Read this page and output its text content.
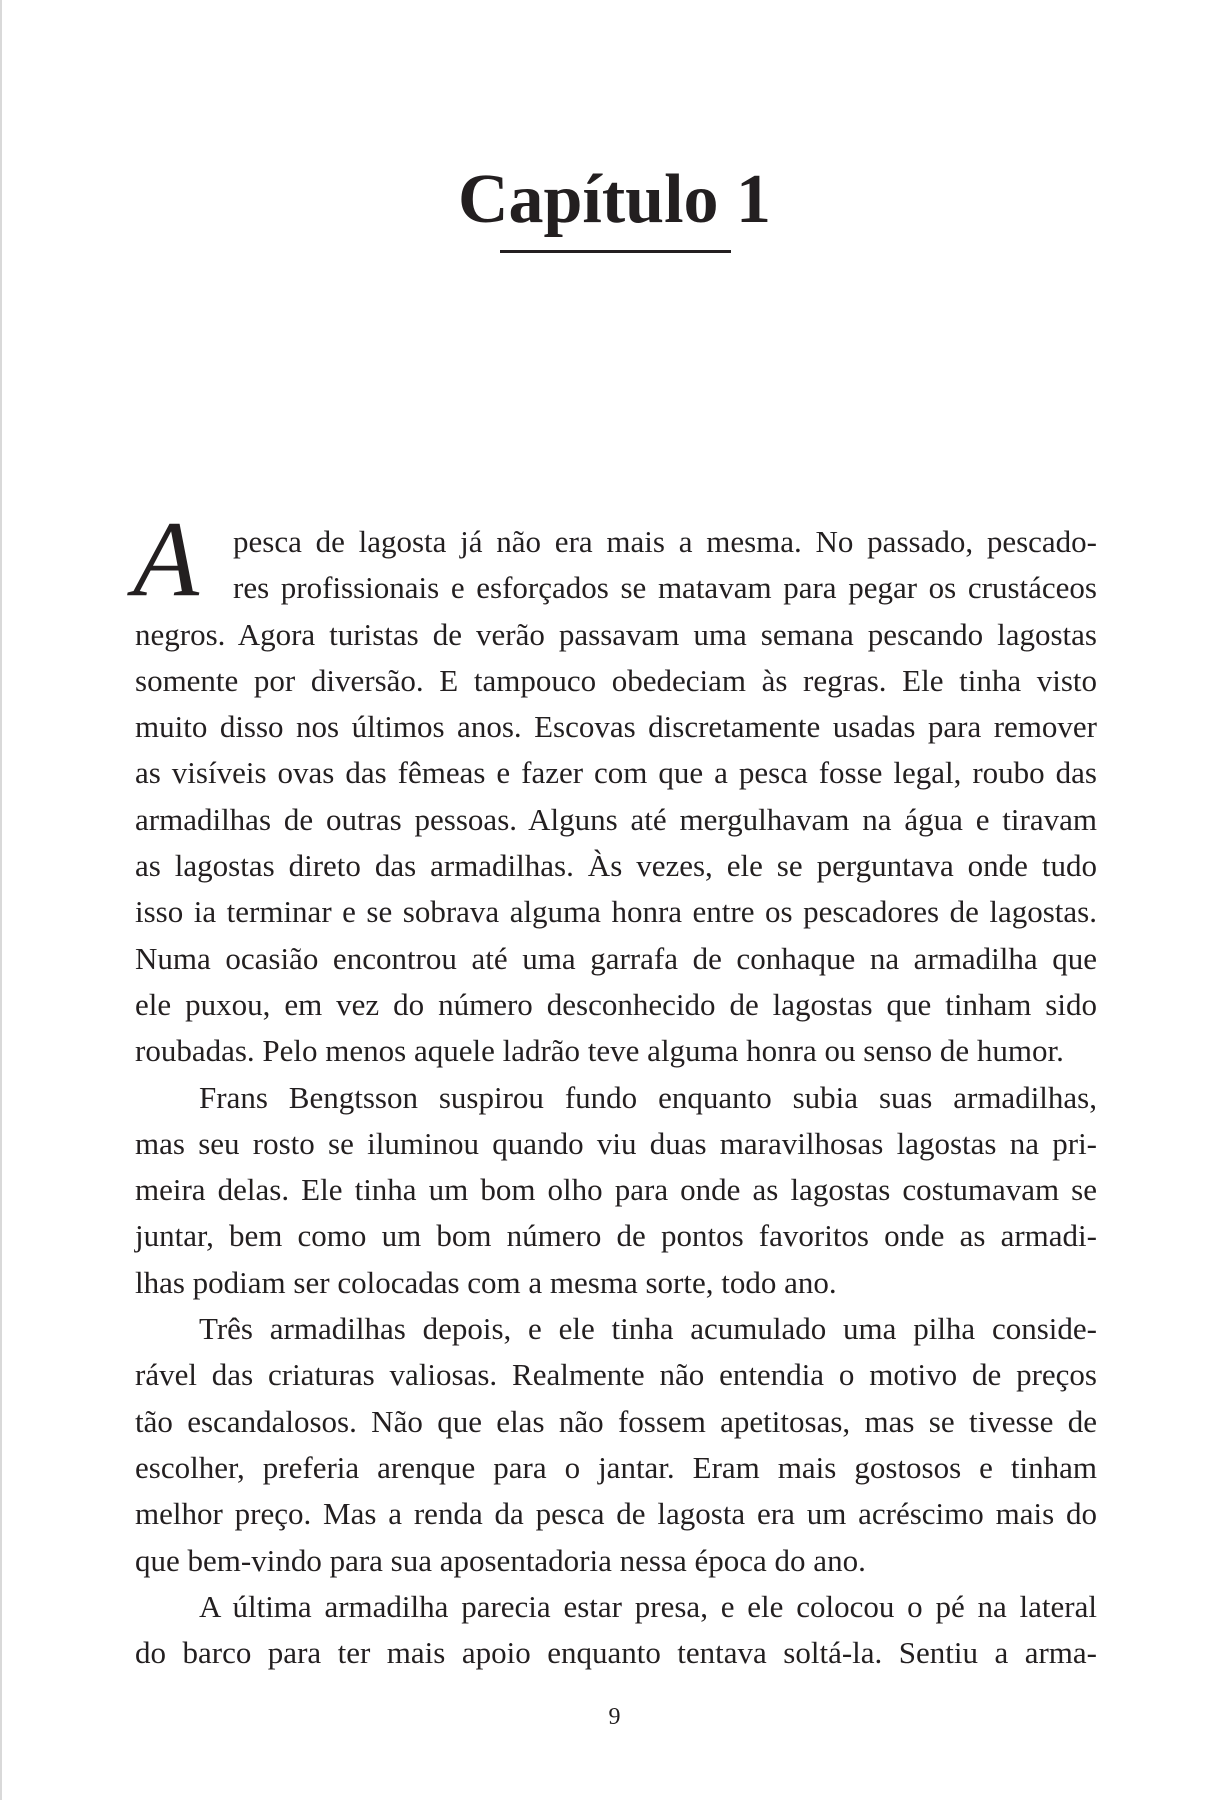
Capítulo 1
A	pesca de lagosta já não era mais a mesma. No passado, pescado-
res profissionais e esforçados se matavam para pegar os crustáceos
negros. Agora turistas de verão passavam uma semana pescando lagostas
somente por diversão. E tampouco obedeciam às regras. Ele tinha visto
muito disso nos últimos anos. Escovas discretamente usadas para remover
as visíveis ovas das fêmeas e fazer com que a pesca fosse legal, roubo das
armadilhas de outras pessoas. Alguns até mergulhavam na água e tiravam
as lagostas direto das armadilhas. Às vezes, ele se perguntava onde tudo
isso ia terminar e se sobrava alguma honra entre os pescadores de lagostas.
Numa ocasião encontrou até uma garrafa de conhaque na armadilha que
ele puxou, em vez do número desconhecido de lagostas que tinham sido
roubadas. Pelo menos aquele ladrão teve alguma honra ou senso de humor.
Frans Bengtsson suspirou fundo enquanto subia suas armadilhas,
mas seu rosto se iluminou quando viu duas maravilhosas lagostas na pri-
meira delas. Ele tinha um bom olho para onde as lagostas costumavam se
juntar, bem como um bom número de pontos favoritos onde as armadi-
lhas podiam ser colocadas com a mesma sorte, todo ano.
Três armadilhas depois, e ele tinha acumulado uma pilha conside-
rável das criaturas valiosas. Realmente não entendia o motivo de preços
tão escandalosos. Não que elas não fossem apetitosas, mas se tivesse de
escolher, preferia arenque para o jantar. Eram mais gostosos e tinham
melhor preço. Mas a renda da pesca de lagosta era um acréscimo mais do
que bem-vindo para sua aposentadoria nessa época do ano.
A última armadilha parecia estar presa, e ele colocou o pé na lateral
do barco para ter mais apoio enquanto tentava soltá-la. Sentiu a arma-
9
